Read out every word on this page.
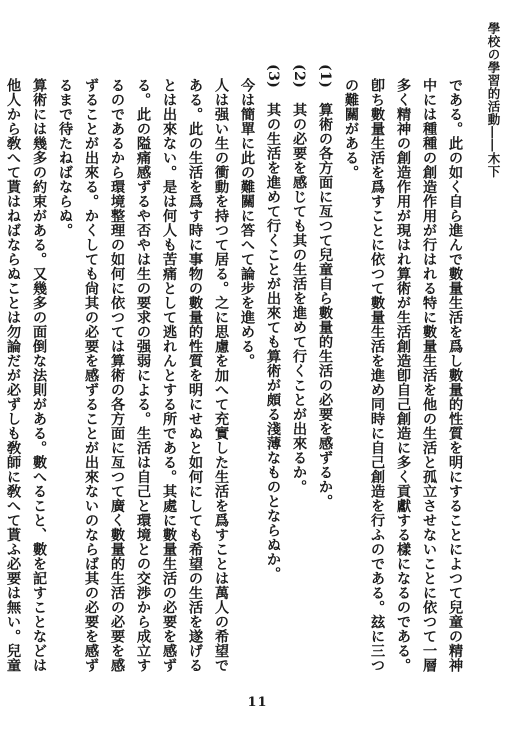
學校の學習的活動――木下

である。此の如く自ら進んで數量生活を爲し數量的性質を明にすることによつて兒童の精神中には種種の創造作用が行はれる特に數量生活を他の生活と孤立させないことに依つて一層多く精神の創造作用が現はれ算術が生活創造卽自己創造に多く貢獻する樣になるのである。卽ち數量生活を爲すことに依つて數量生活を進め同時に自己創造を行ふのである。玆に三つの難關がある。

(1)　算術の各方面に亙つて兒童自ら數量的生活の必要を感ずるか。

(2)　其の必要を感じても其の生活を進めて行くことが出來るか。

(3)　其の生活を進めて行くことが出來ても算術が頗る淺薄なものとならぬか。

今は簡單に此の難關に答へて論步を進める。

人は强い生の衝動を持つて居る。之に思慮を加へて充實した生活を爲すことは萬人の希望である。此の生活を爲す時に事物の數量的性質を明にせぬと如何にしても希望の生活を遂げるとは出來ない。是は何人も苦痛として逃れんとする所である。其處に數量生活の必要を感ずる。此の隘痛感ずるや否やは生の要求の强弱による。生活は自己と環境との交渉から成立するのであるから環境整理の如何に依つては算術の各方面に亙つて廣く數量的生活の必要を感ずることが出來る。かくしても尙其の必要を感ずることが出來ないのならば其の必要を感ずるまで待たねばならぬ。

算術には幾多の約束がある。又幾多の面倒な法則がある。數へること、數を記すことなどは他人から敎へて貰はねばならぬことは勿論だが必ずしも敎師に敎へて貰ふ必要は無い。兒童

11
